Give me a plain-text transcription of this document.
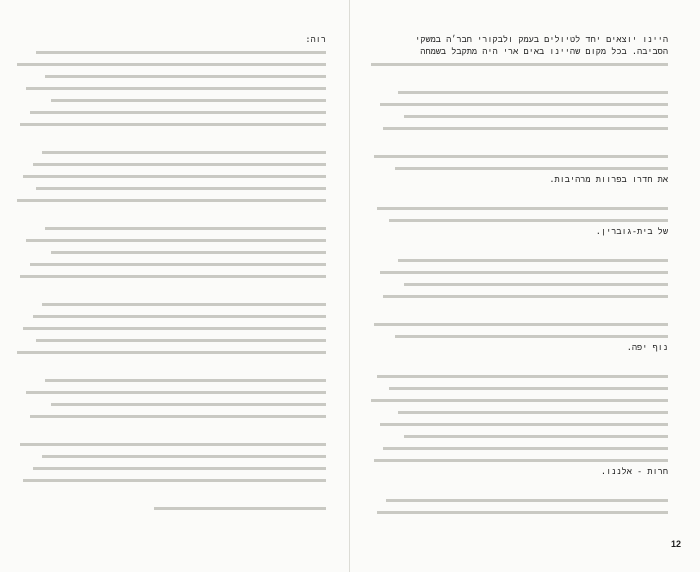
היינו יוצאים יחד לטיולים בעמק ולבקורי חבר׳ה במשקי
הסביבה. בכל מקום שהיינו באים ארי היה מתקבל בשמחה
את חדרו בפרוות מרהיבות.
של בית-גוברין.
נוף יפה.
חרות - אלננו.
רוה:
12
